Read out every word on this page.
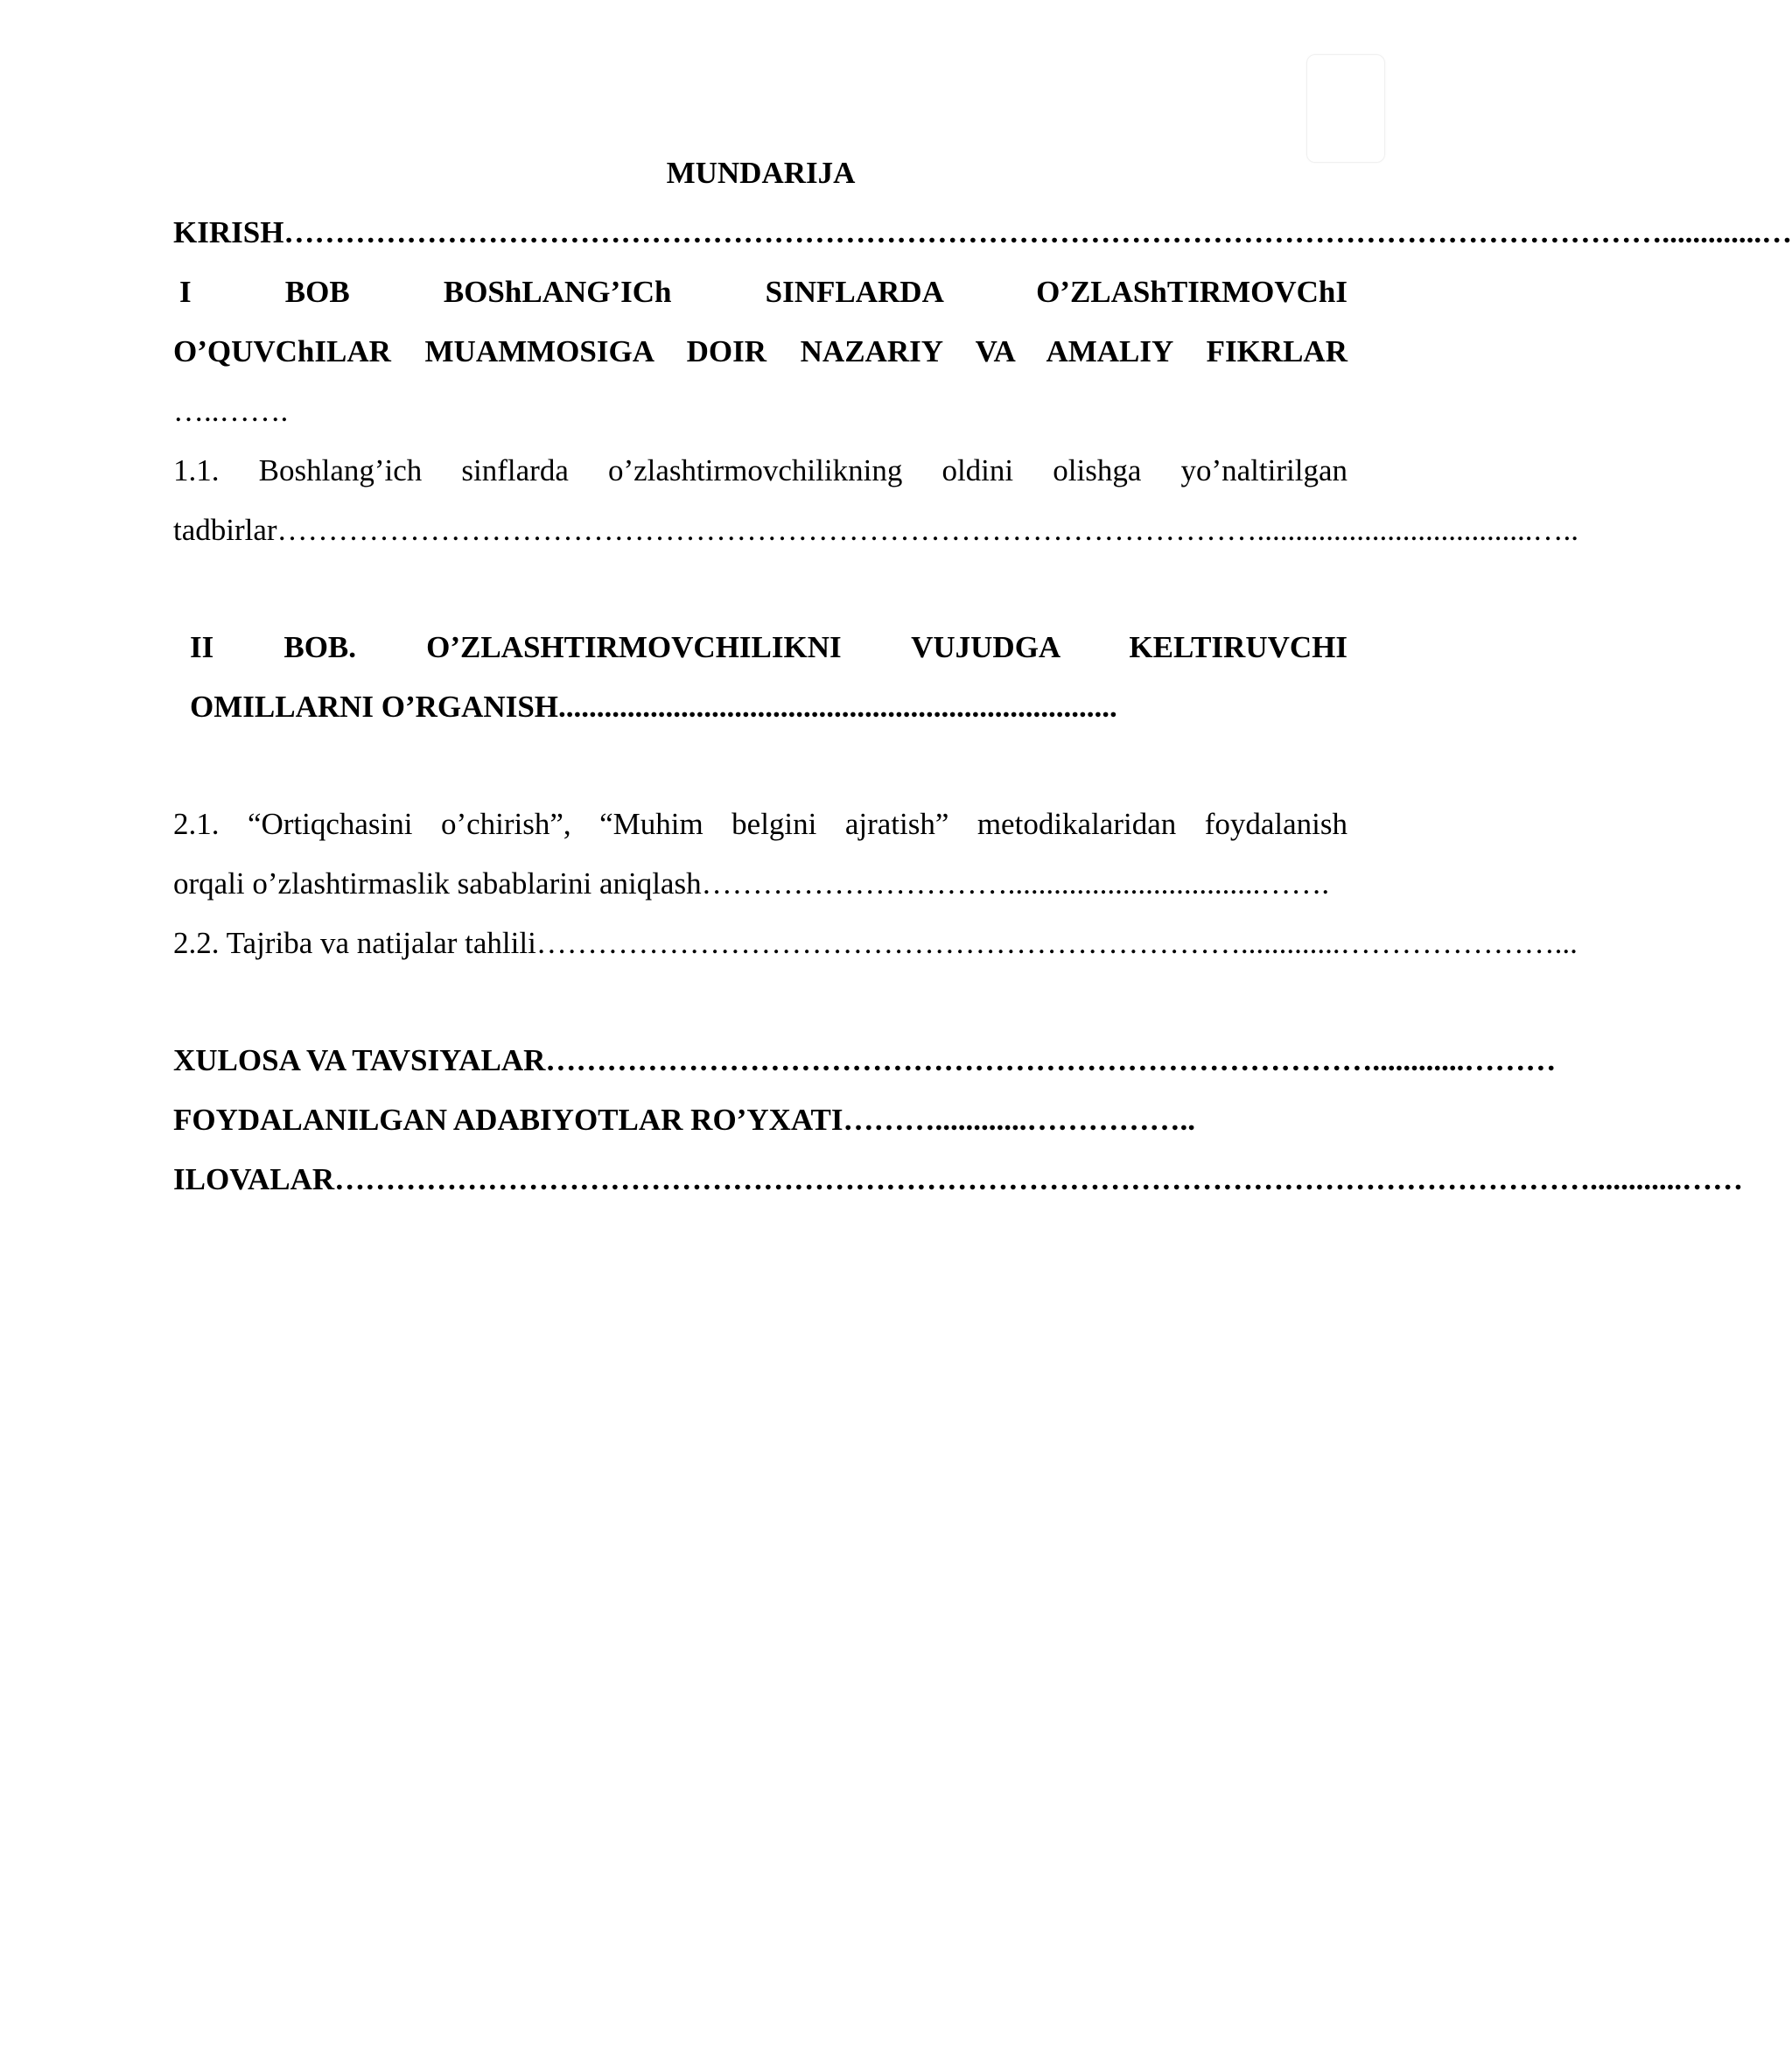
MUNDARIJA
KIRISH……………………………………………………………………………………………………………………….............…
I BOB BOShLANG’ICh SINFLARDA O’ZLAShTIRMOVChI
O’QUVChILAR MUAMMOSIGA DOIR NAZARIY VA AMALIY FIKRLAR
…..…….
1.1. Boshlang’ich sinflarda o’zlashtirmovchilikning oldini olishga yo’naltirilgan
tadbirlar……………………………………………………………………………………....................................…..
II BOB. O’ZLASHTIRMOVCHILIKNI VUJUDGA KELTIRUVCHI
OMILLARNI O’RGANISH.........................................................................
2.1. “Ortiqchasini o’chirish”, “Muhim belgini ajratish” metodikalaridan foydalanish
orqali o’zlashtirmaslik sabablarini aniqlash………………………….................................…….
2.2. Tajriba va natijalar tahlili…………………………………………………………….............…………………...
XULOSA VA TAVSIYALAR………………………………………………………………………............………
FOYDALANILGAN ADABIYOTLAR RO’YXATI………............……………..
ILOVALAR……………………………………………………………………………………………………………............……
